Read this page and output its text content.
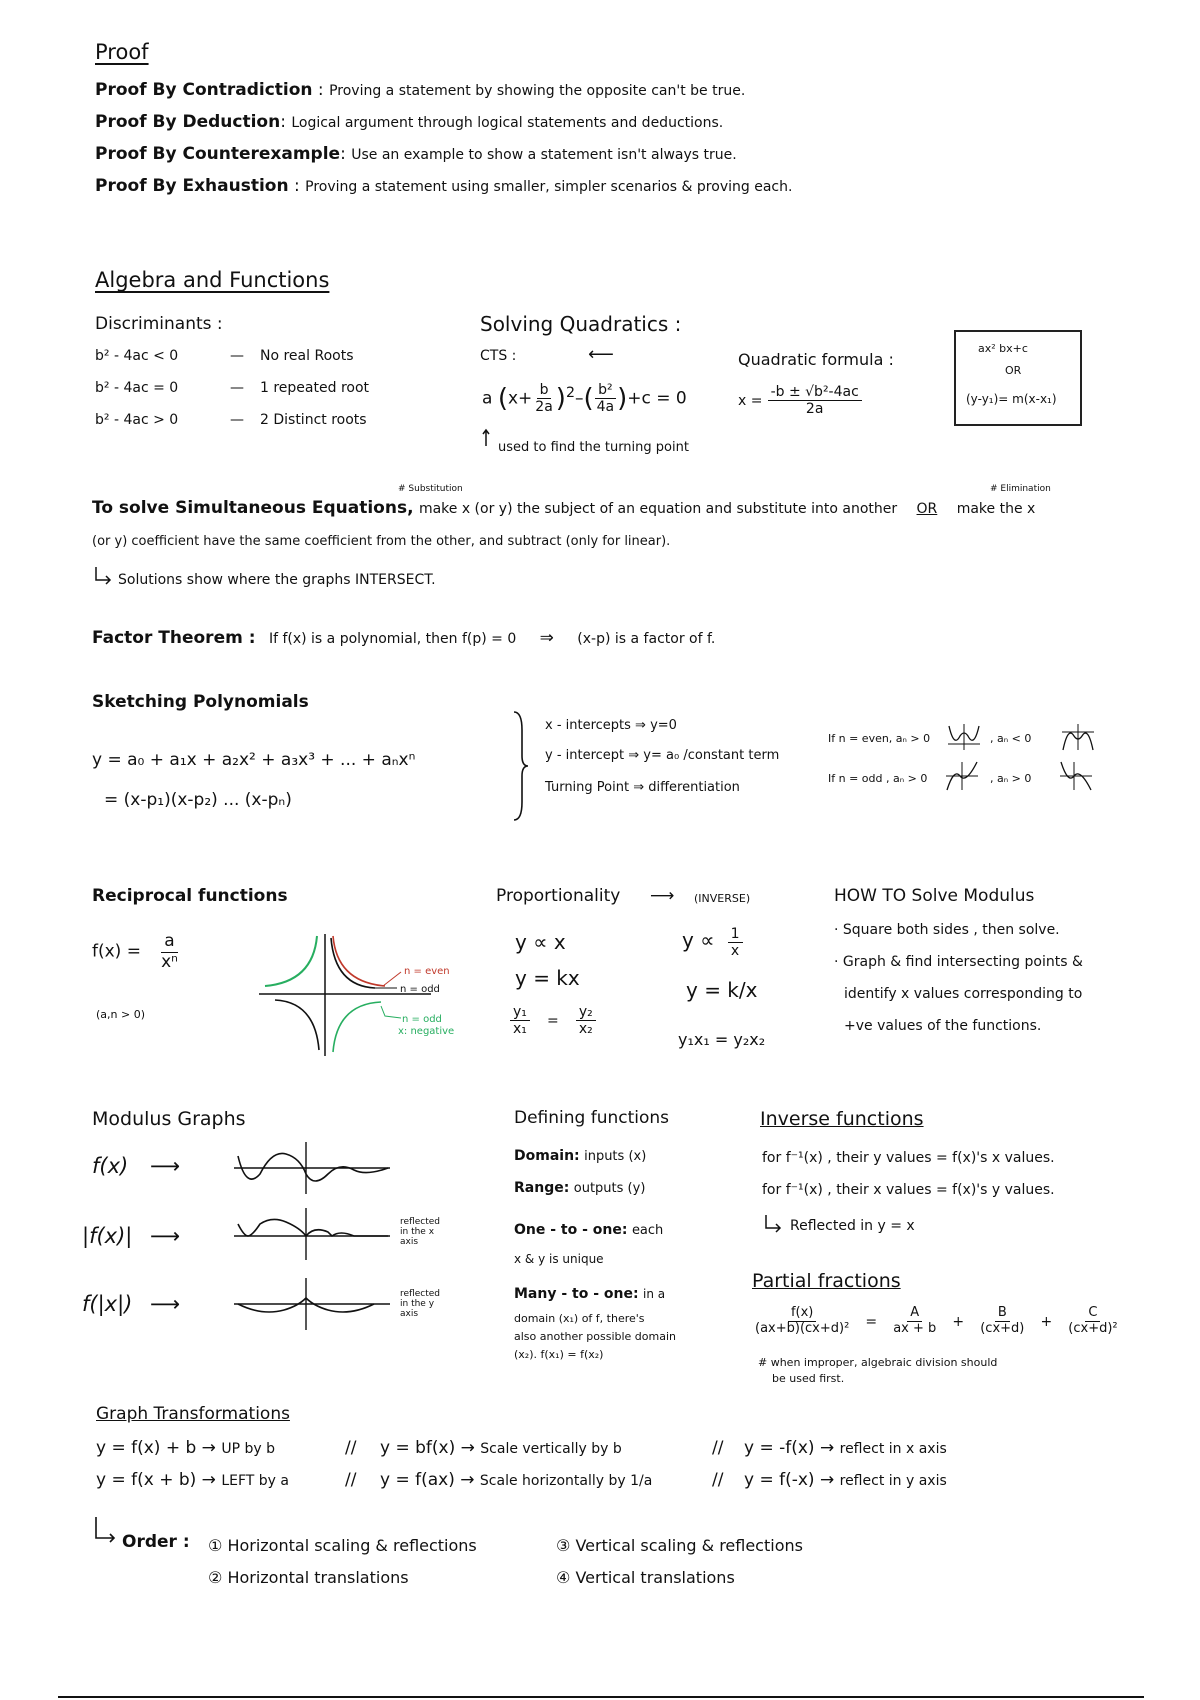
Proof
Proof By Contradiction : Proving a statement by showing the opposite can't be true.
Proof By Deduction: Logical argument through logical statements and deductions.
Proof By Counterexample: Use an example to show a statement isn't always true.
Proof By Exhaustion : Proving a statement using smaller, simpler scenarios & proving each.
Algebra and Functions
Discriminants :
b² - 4ac < 0	— No real Roots
b² - 4ac = 0	— 1 repeated root
b² - 4ac > 0	— 2 Distinct roots
Solving Quadratics :
CTS :	⟵
a $(x+ \frac{b}{2a} )^2-( \frac{\text{b²}}{4a} )+c = 0$
used to find the turning point
Quadratic formula :
$x = \frac{\text{-b ± √b²-4ac}}{2a}$
ax² bx+c
OR
(y-y₁)= m(x-x₁)
# Substitution	# Elimination
To solve Simultaneous Equations, make x (or y) the subject of an equation and substitute into another OR make the x
(or y) coefficient have the same coefficient from the other, and subtract (only for linear).
Solutions show where the graphs INTERSECT.
Factor Theorem : If f(x) is a polynomial, then f(p) = 0 ⇒ (x-p) is a factor of f.
Sketching Polynomials
y = a₀ + a₁x + a₂x² + a₃x³ + ... + aₙxⁿ
= (x-p₁)(x-p₂) ... (x-pₙ)
x - intercepts ⇒ y=0
y - intercept ⇒ y= a₀ /constant term
Turning Point ⇒ differentiation
If n = even, aₙ > 0	, aₙ < 0
If n = odd , aₙ > 0	, aₙ > 0
Reciprocal functions
$f(x) = \frac{a}{\text{xⁿ}}$
(a,n > 0)
n = even
n = odd
n = odd
x: negative
Proportionality ⟶ (INVERSE)
y ∝ x
y = kx
$\frac{\text{y₁}}{\text{x₁}} = \frac{\text{y₂}}{\text{x₂}}$
$y \propto \frac{1}{x}$
y = k/x
y₁x₁ = y₂x₂
HOW TO Solve Modulus
· Square both sides , then solve.
· Graph & find intersecting points &
identify x values corresponding to
+ve values of the functions.
Modulus Graphs
f(x) ⟶
|f(x)| ⟶
reflected in the x axis
f(|x|) ⟶	reflected in the y axis
Defining functions
Domain: inputs (x)
Range: outputs (y)
One - to - one: each
x & y is unique
Many - to - one: in a
domain (x₁) of f, there's
also another possible domain
(x₂). f(x₁) = f(x₂)
Inverse functions
for f⁻¹(x) , their y values = f(x)'s x values.
for f⁻¹(x) , their x values = f(x)'s y values.
Reflected in y = x
Partial fractions
$\frac{f(x)}{\text{(ax+b)(cx+d)²}} = \frac{A}{ax + b} + \frac{B}{(cx+d)} + \frac{C}{\text{(cx+d)²}}$
# when improper, algebraic division should
be used first.
Graph Transformations
y = f(x) + b → UP by b	// y = bf(x) → Scale vertically by b	// y = -f(x) → reflect in x axis
y = f(x + b) → LEFT by a	// y = f(ax) → Scale horizontally by 1/a	// y = f(-x) → reflect in y axis
Order : ① Horizontal scaling & reflections	③ Vertical scaling & reflections
② Horizontal translations	④ Vertical translations
